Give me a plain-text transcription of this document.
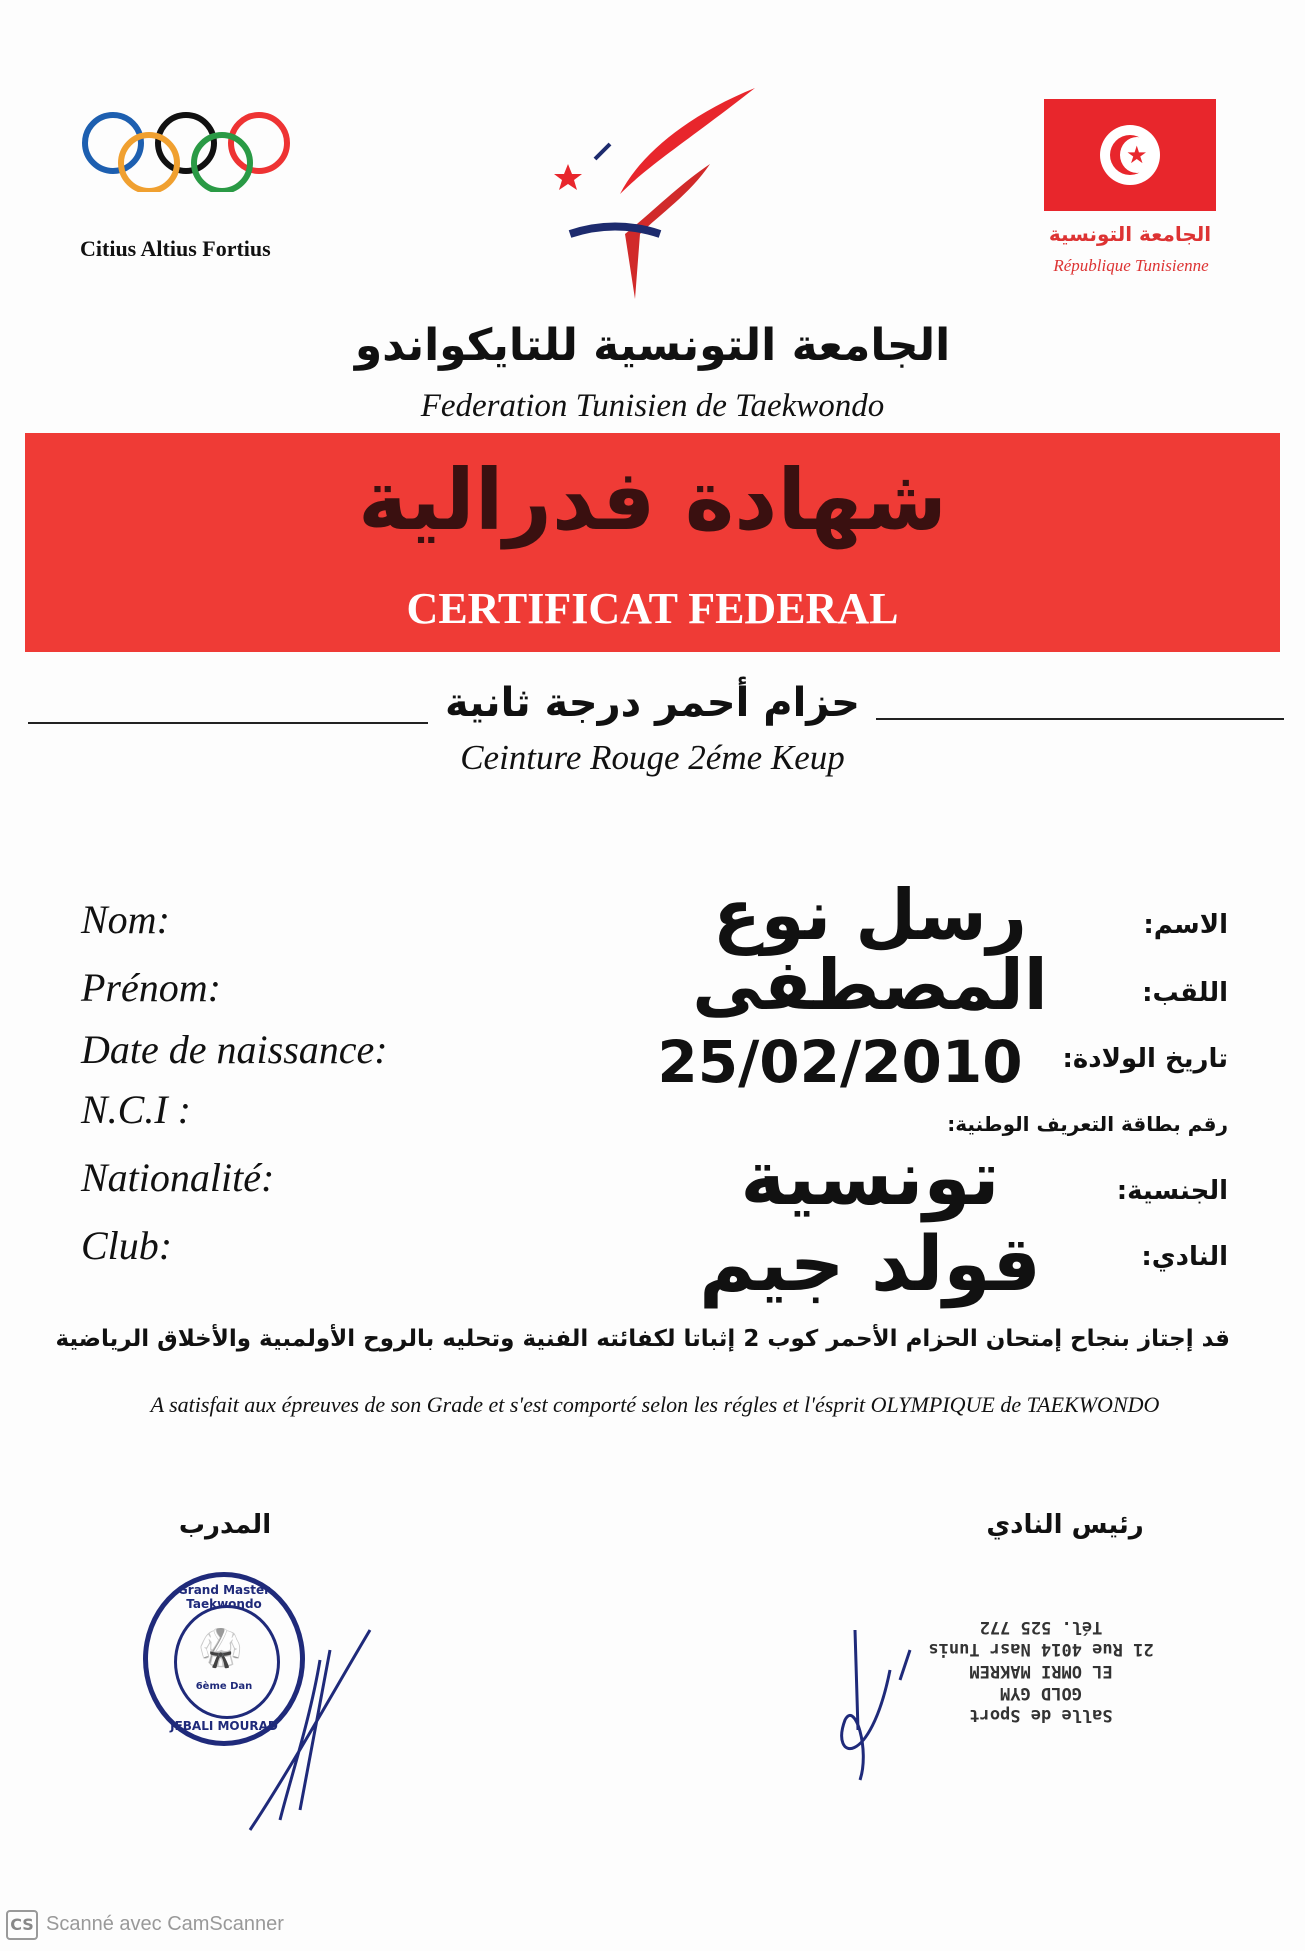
Citius Altius Fortius
★
الجامعة التونسية
République Tunisienne
الجامعة التونسية للتايكواندو
Federation Tunisien de Taekwondo
شهادة فدرالية
CERTIFICAT FEDERAL
حزام أحمر درجة ثانية
Ceinture Rouge 2éme Keup
Nom:
Prénom:
Date de naissance:
N.C.I :
Nationalité:
Club:
الاسم:
اللقب:
تاريخ الولادة:
رقم بطاقة التعريف الوطنية:
الجنسية:
النادي:
رسل نوع
المصطفى
25/02/2010
تونسية
قولد جيم
قد إجتاز بنجاح إمتحان الحزام الأحمر كوب 2 إثباتا لكفائته الفنية وتحليه بالروح الأولمبية والأخلاق الرياضية
A satisfait aux épreuves de son Grade et s'est comporté selon les régles et l'ésprit OLYMPIQUE de TAEKWONDO
المدرب	رئيس النادي
Grand Master Taekwondo
6ème Dan
JEBALI MOURAD
🥋
Salle de Sport
GOLD GYM
EL OMRI MAKREM
21 Rue 4014 Nasr Tunis
Tél. 525 772
CS Scanné avec CamScanner
